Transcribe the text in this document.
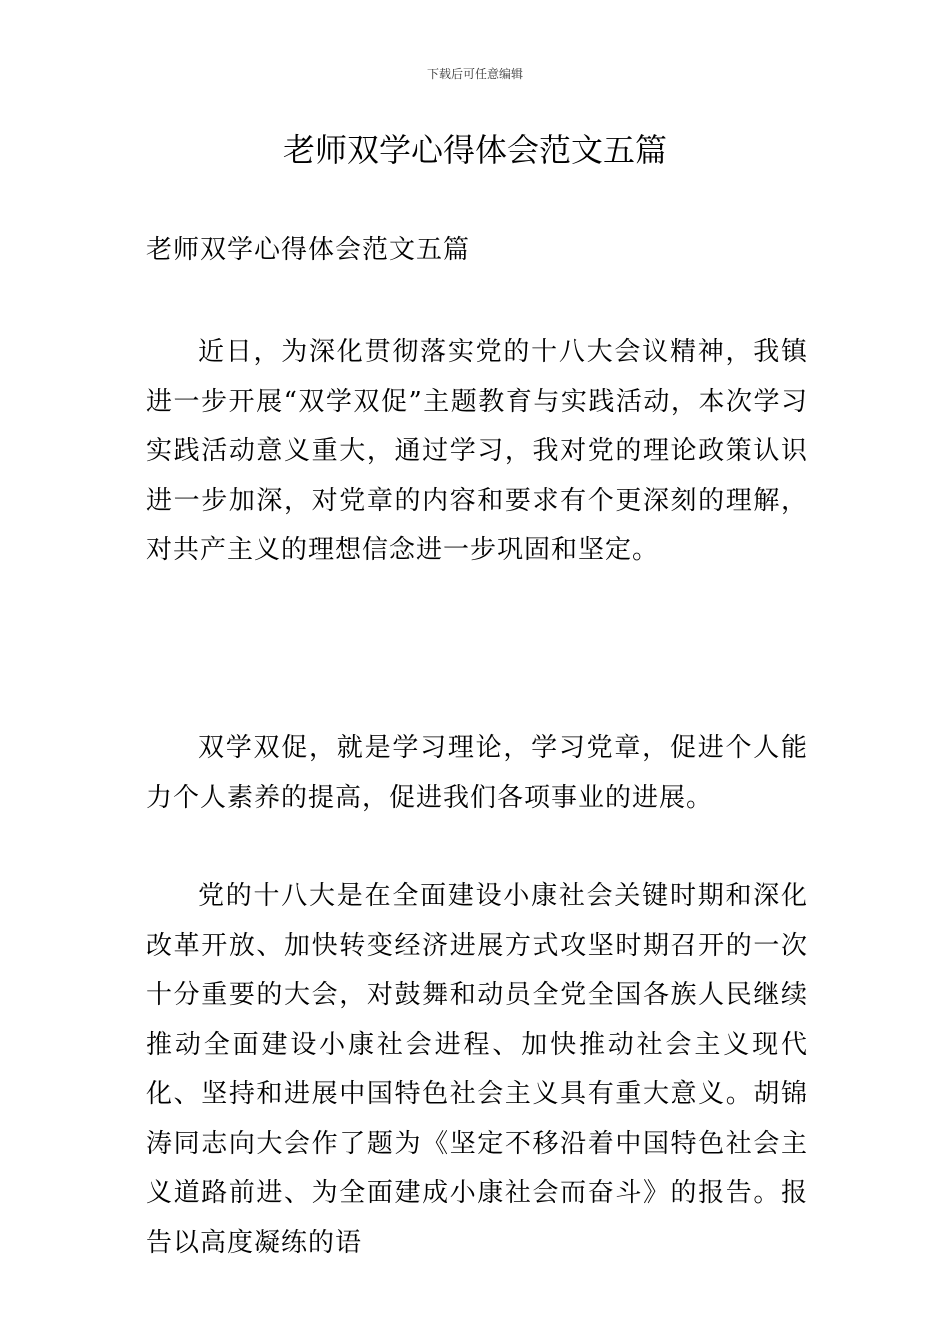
下载后可任意编辑
老师双学心得体会范文五篇

老师双学心得体会范文五篇

近日，为深化贯彻落实党的十八大会议精神，我镇进一步开展“双学双促”主题教育与实践活动，本次学习实践活动意义重大，通过学习，我对党的理论政策认识进一步加深，对党章的内容和要求有个更深刻的理解，对共产主义的理想信念进一步巩固和坚定。

双学双促，就是学习理论，学习党章，促进个人能力个人素养的提高，促进我们各项事业的进展。

党的十八大是在全面建设小康社会关键时期和深化改革开放、加快转变经济进展方式攻坚时期召开的一次十分重要的大会，对鼓舞和动员全党全国各族人民继续推动全面建设小康社会进程、加快推动社会主义现代化、坚持和进展中国特色社会主义具有重大意义。胡锦涛同志向大会作了题为《坚定不移沿着中国特色社会主义道路前进、为全面建成小康社会而奋斗》的报告。报告以高度凝练的语
